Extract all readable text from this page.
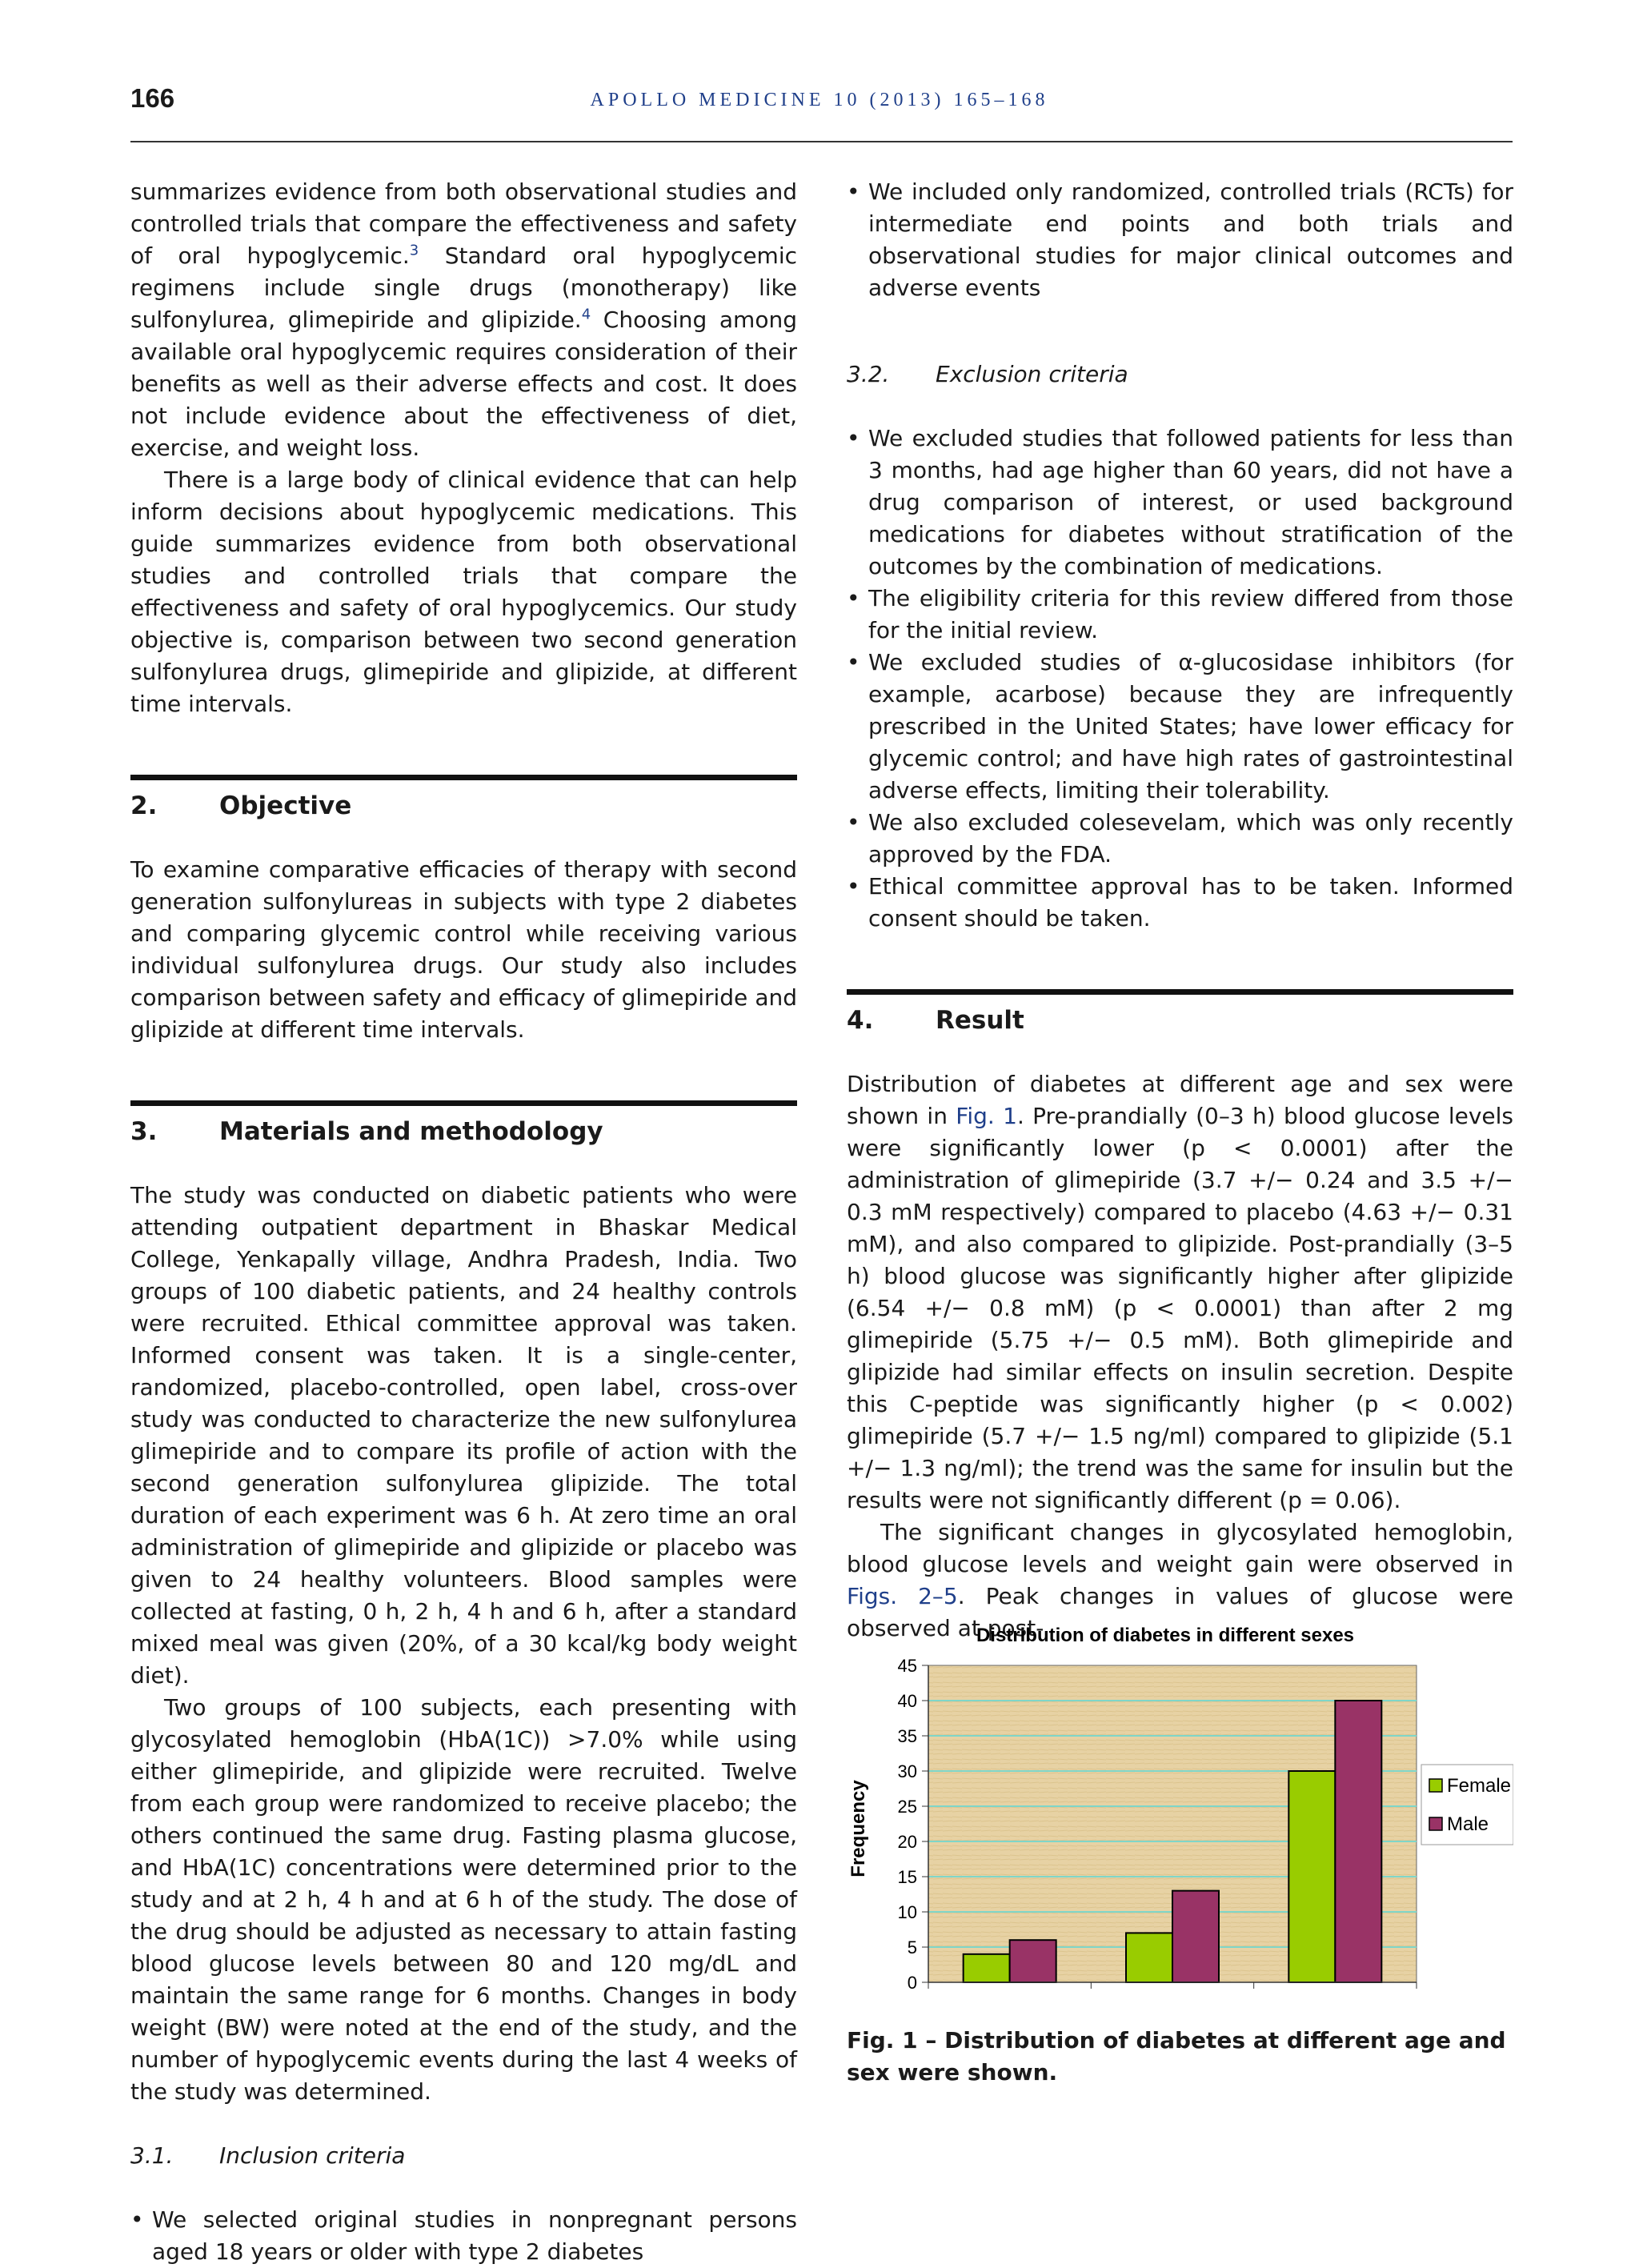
166	APOLLO MEDICINE 10 (2013) 165–168

summarizes evidence from both observational studies and controlled trials that compare the effectiveness and safety of oral hypoglycemic.$^3$ Standard oral hypoglycemic regimens include single drugs (monotherapy) like sulfonylurea, glimepiride and glipizide.$^4$ Choosing among available oral hypoglycemic requires consideration of their benefits as well as their adverse effects and cost. It does not include evidence about the effectiveness of diet, exercise, and weight loss.

There is a large body of clinical evidence that can help inform decisions about hypoglycemic medications. This guide summarizes evidence from both observational studies and controlled trials that compare the effectiveness and safety of oral hypoglycemics. Our study objective is, comparison between two second generation sulfonylurea drugs, glimepiride and glipizide, at different time intervals.

2.	Objective

To examine comparative efficacies of therapy with second generation sulfonylureas in subjects with type 2 diabetes and comparing glycemic control while receiving various individual sulfonylurea drugs. Our study also includes comparison between safety and efficacy of glimepiride and glipizide at different time intervals.

3.	Materials and methodology

The study was conducted on diabetic patients who were attending outpatient department in Bhaskar Medical College, Yenkapally village, Andhra Pradesh, India. Two groups of 100 diabetic patients, and 24 healthy controls were recruited. Ethical committee approval was taken. Informed consent was taken. It is a single-center, randomized, placebo-controlled, open label, cross-over study was conducted to characterize the new sulfonylurea glimepiride and to compare its profile of action with the second generation sulfonylurea glipizide. The total duration of each experiment was 6 h. At zero time an oral administration of glimepiride and glipizide or placebo was given to 24 healthy volunteers. Blood samples were collected at fasting, 0 h, 2 h, 4 h and 6 h, after a standard mixed meal was given (20%, of a 30 kcal/kg body weight diet).

Two groups of 100 subjects, each presenting with glycosylated hemoglobin (HbA(1C)) >7.0% while using either glimepiride, and glipizide were recruited. Twelve from each group were randomized to receive placebo; the others continued the same drug. Fasting plasma glucose, and HbA(1C) concentrations were determined prior to the study and at 2 h, 4 h and at 6 h of the study. The dose of the drug should be adjusted as necessary to attain fasting blood glucose levels between 80 and 120 mg/dL and maintain the same range for 6 months. Changes in body weight (BW) were noted at the end of the study, and the number of hypoglycemic events during the last 4 weeks of the study was determined.

3.1.	Inclusion criteria
• We selected original studies in nonpregnant persons aged 18 years or older with type 2 diabetes
• We included only randomized, controlled trials (RCTs) for intermediate end points and both trials and observational studies for major clinical outcomes and adverse events
3.2.	Exclusion criteria
• We excluded studies that followed patients for less than 3 months, had age higher than 60 years, did not have a drug comparison of interest, or used background medications for diabetes without stratification of the outcomes by the combination of medications.
• The eligibility criteria for this review differed from those for the initial review.
• We excluded studies of α-glucosidase inhibitors (for example, acarbose) because they are infrequently prescribed in the United States; have lower efficacy for glycemic control; and have high rates of gastrointestinal adverse effects, limiting their tolerability.
• We also excluded colesevelam, which was only recently approved by the FDA.
• Ethical committee approval has to be taken. Informed consent should be taken.
4.	Result

Distribution of diabetes at different age and sex were shown in Fig. 1. Pre-prandially (0–3 h) blood glucose levels were significantly lower (p < 0.0001) after the administration of glimepiride (3.7 +/− 0.24 and 3.5 +/− 0.3 mM respectively) compared to placebo (4.63 +/− 0.31 mM), and also compared to glipizide. Post-prandially (3–5 h) blood glucose was significantly higher after glipizide (6.54 +/− 0.8 mM) (p < 0.0001) than after 2 mg glimepiride (5.75 +/− 0.5 mM). Both glimepiride and glipizide had similar effects on insulin secretion. Despite this C-peptide was significantly higher (p < 0.002) glimepiride (5.7 +/− 1.5 ng/ml) compared to glipizide (5.1 +/− 1.3 ng/ml); the trend was the same for insulin but the results were not significantly different (p = 0.06).

The significant changes in glycosylated hemoglobin, blood glucose levels and weight gain were observed in Figs. 2–5. Peak changes in values of glucose were observed at post-

Distribution of diabetes in different sexes
0
5
10
15
20
25
30
35
40
45
Frequency	Female
Male
Fig. 1 – Distribution of diabetes at different age and sex were shown.
